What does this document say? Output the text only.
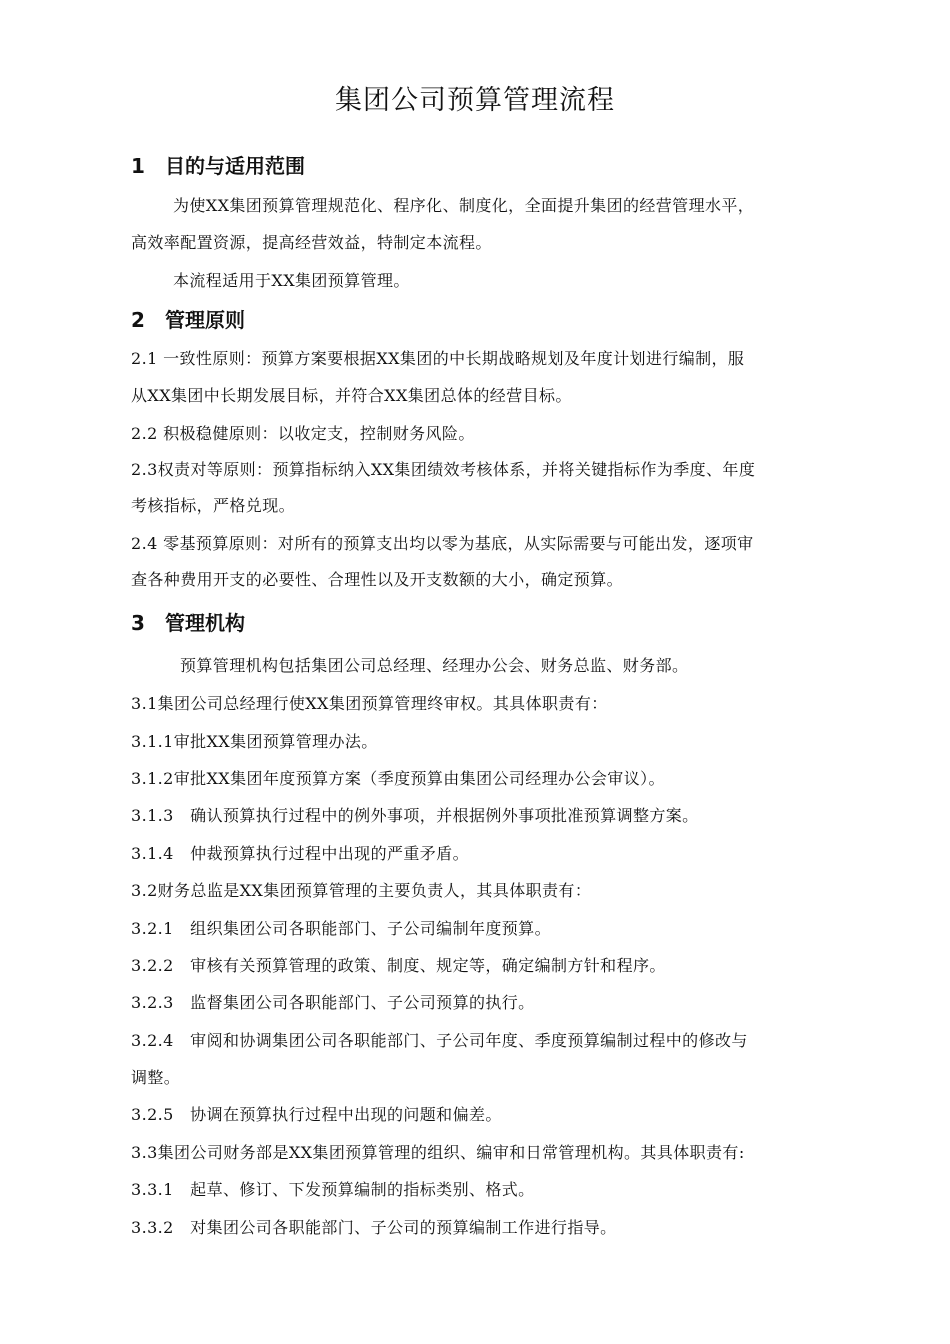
集团公司预算管理流程
1 目的与适用范围
为使XX集团预算管理规范化、程序化、制度化，全面提升集团的经营管理水平，
高效率配置资源，提高经营效益，特制定本流程。
本流程适用于XX集团预算管理。
2 管理原则
2.1 一致性原则：预算方案要根据XX集团的中长期战略规划及年度计划进行编制，服
从XX集团中长期发展目标，并符合XX集团总体的经营目标。
2.2 积极稳健原则：以收定支，控制财务风险。
2.3权责对等原则：预算指标纳入XX集团绩效考核体系，并将关键指标作为季度、年度
考核指标，严格兑现。
2.4 零基预算原则：对所有的预算支出均以零为基底，从实际需要与可能出发，逐项审
查各种费用开支的必要性、合理性以及开支数额的大小，确定预算。
3 管理机构
预算管理机构包括集团公司总经理、经理办公会、财务总监、财务部。
3.1集团公司总经理行使XX集团预算管理终审权。其具体职责有：
3.1.1审批XX集团预算管理办法。
3.1.2审批XX集团年度预算方案（季度预算由集团公司经理办公会审议）。
3.1.3   确认预算执行过程中的例外事项，并根据例外事项批准预算调整方案。
3.1.4   仲裁预算执行过程中出现的严重矛盾。
3.2财务总监是XX集团预算管理的主要负责人，其具体职责有：
3.2.1   组织集团公司各职能部门、子公司编制年度预算。
3.2.2   审核有关预算管理的政策、制度、规定等，确定编制方针和程序。
3.2.3   监督集团公司各职能部门、子公司预算的执行。
3.2.4   审阅和协调集团公司各职能部门、子公司年度、季度预算编制过程中的修改与
调整。
3.2.5   协调在预算执行过程中出现的问题和偏差。
3.3集团公司财务部是XX集团预算管理的组织、编审和日常管理机构。其具体职责有:
3.3.1   起草、修订、下发预算编制的指标类别、格式。
3.3.2   对集团公司各职能部门、子公司的预算编制工作进行指导。
